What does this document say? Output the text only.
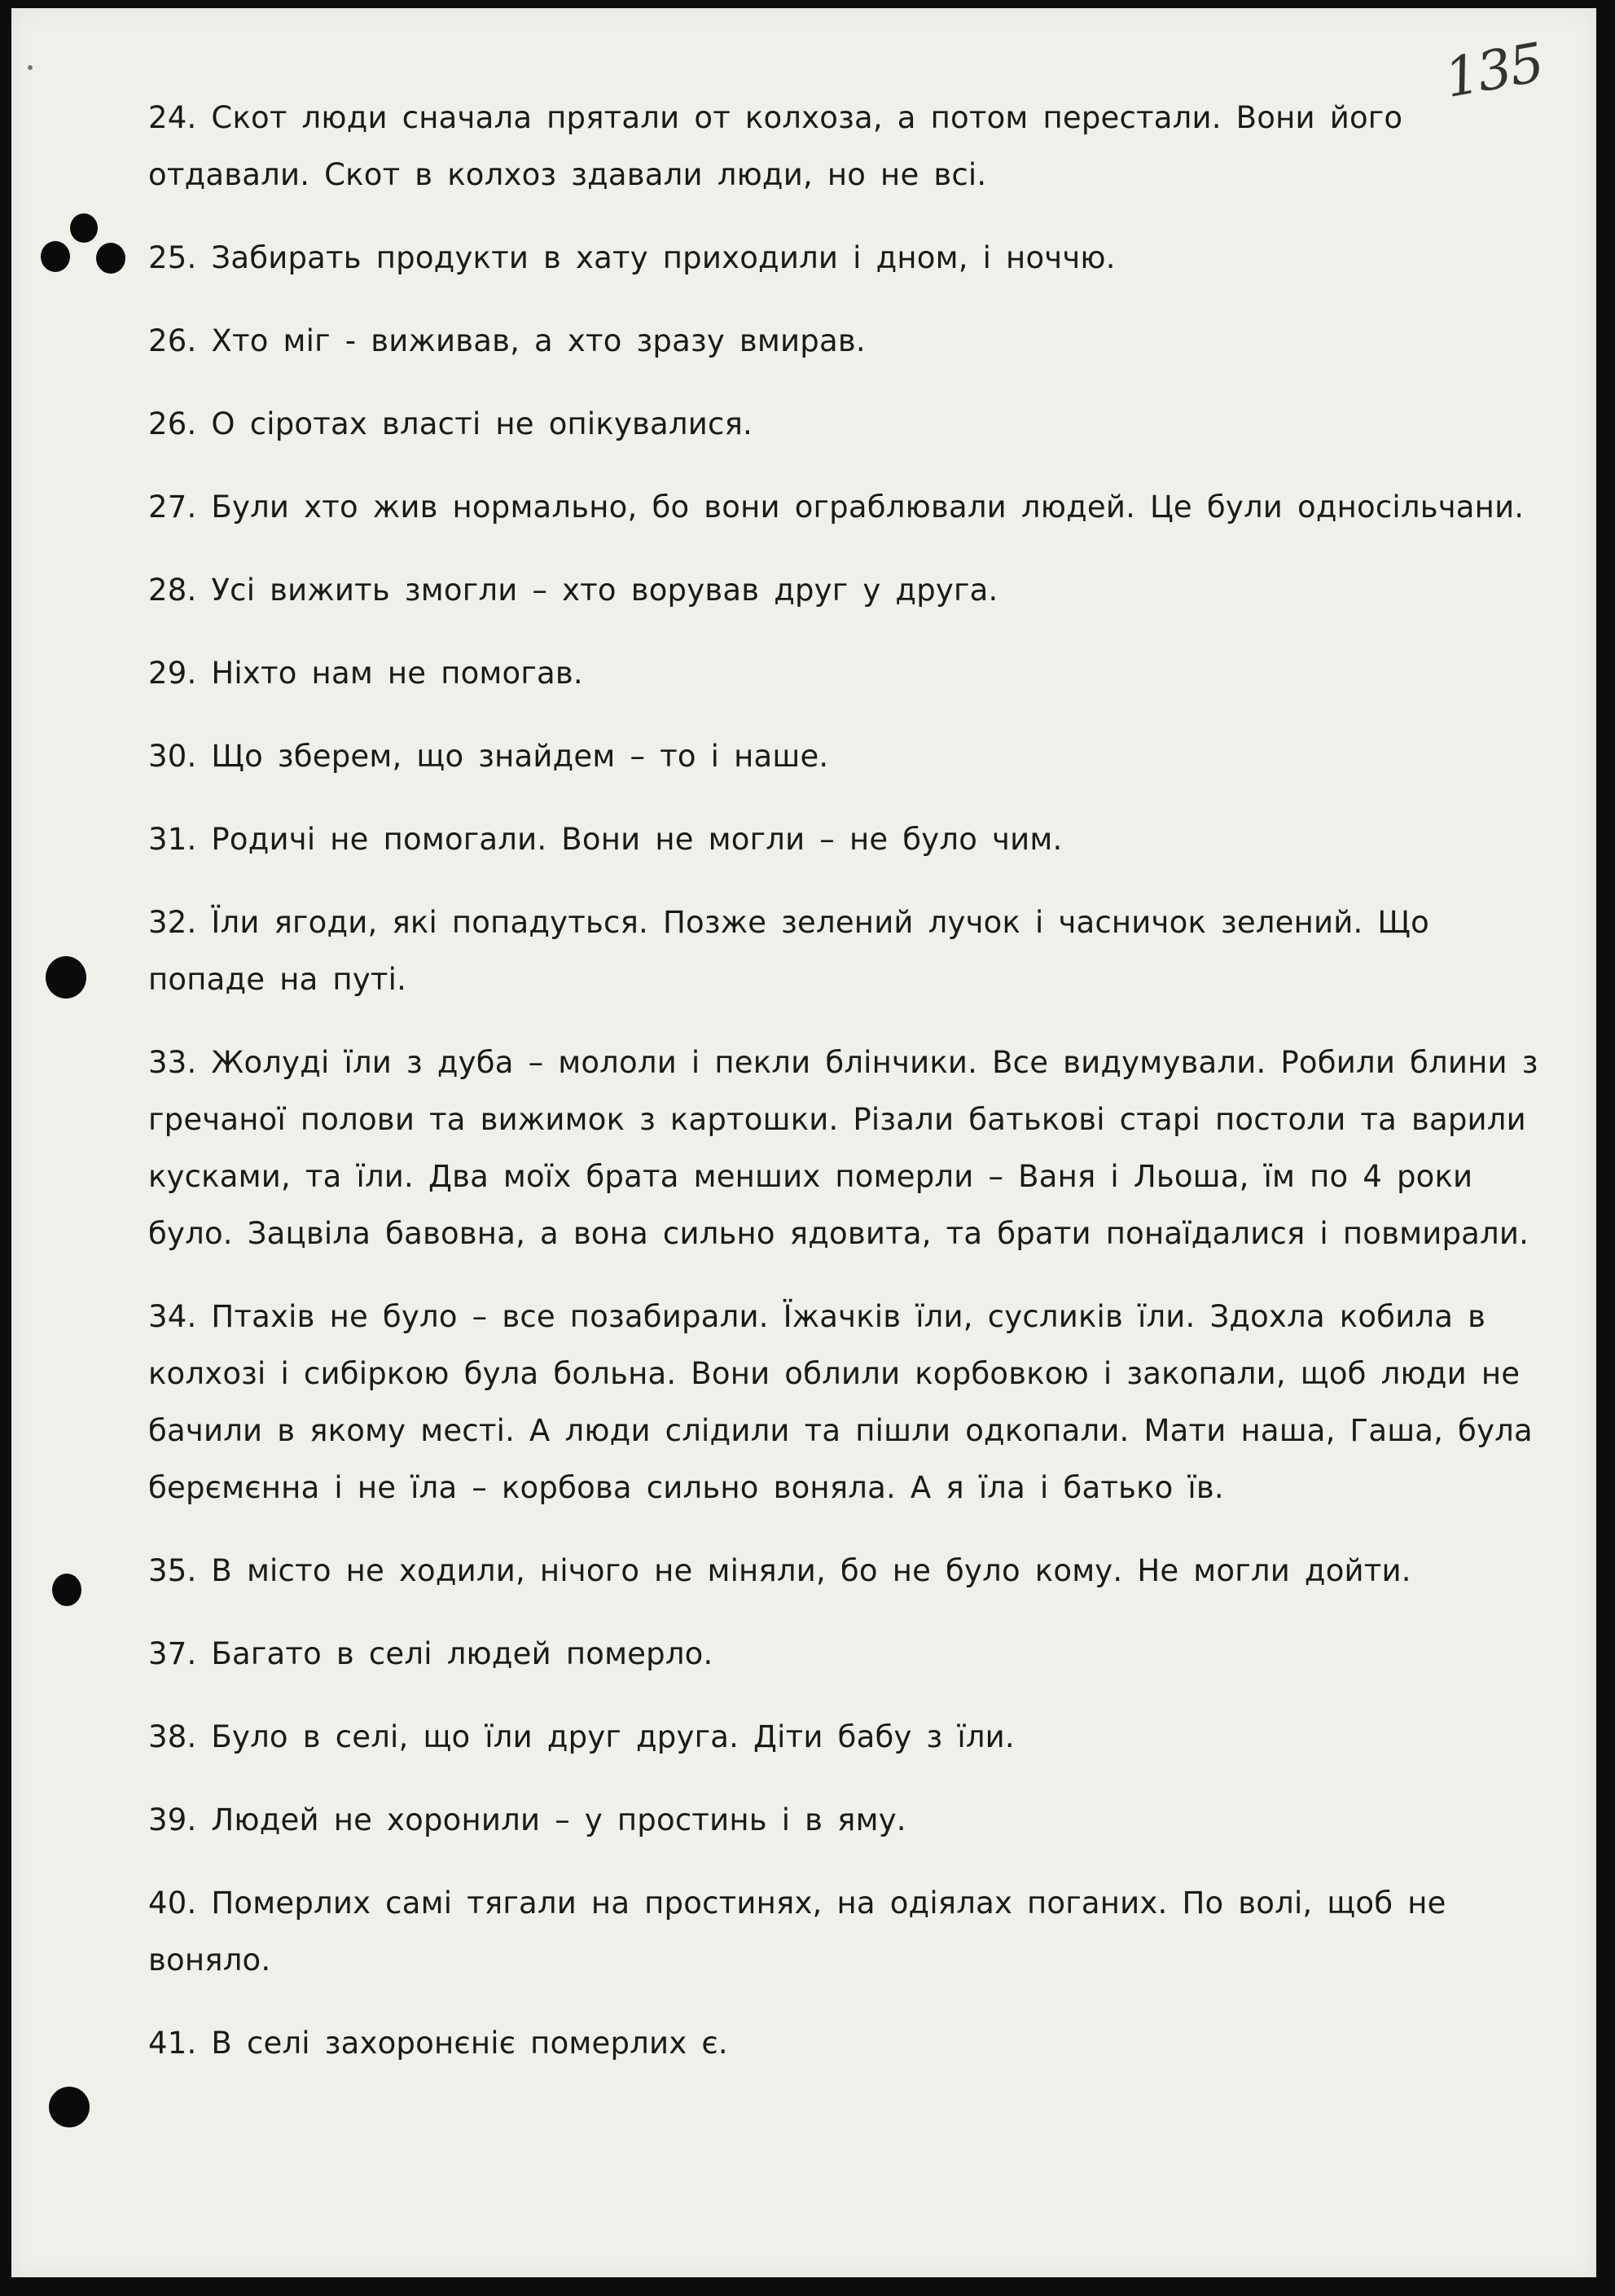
135

24. Скот люди сначала прятали от колхоза, а потом перестали. Вони його отдавали. Скот в колхоз здавали люди, но не всі.

25. Забирать продукти в хату приходили і дном, і ноччю.

26. Хто міг - виживав, а хто зразу вмирав.

26. О сіротах власті не опікувалися.

27. Були хто жив нормально, бо вони ограблювали людей. Це були односільчани.

28. Усі вижить змогли – хто ворував друг у друга.

29. Ніхто нам не помогав.

30. Що зберем, що знайдем – то і наше.

31. Родичі не помогали. Вони не могли – не було чим.

32. Їли ягоди, які попадуться. Позже зелений лучок і часничок зелений. Що попаде на путі.

33. Жолуді їли з дуба – мололи і пекли блінчики. Все видумували. Робили блини з гречаної полови та вижимок з картошки. Різали батькові старі постоли та варили кусками, та їли. Два моїх брата менших померли – Ваня і Льоша, їм по 4 роки було. Зацвіла бавовна, а вона сильно ядовита, та брати понаїдалися і повмирали.

34. Птахів не було – все позабирали. Їжачків їли, сусликів їли. Здохла кобила в колхозі і сибіркою була больна. Вони облили корбовкою і закопали, щоб люди не бачили в якому месті. А люди слідили та пішли одкопали. Мати наша, Гаша, була берємєнна і не їла – корбова сильно воняла. А я їла і батько їв.

35. В місто не ходили, нічого не міняли, бо не було кому. Не могли дойти.

37. Багато в селі людей померло.

38. Було в селі, що їли друг друга. Діти бабу з їли.

39. Людей не хоронили – у простинь і в яму.

40. Померлих самі тягали на простинях, на одіялах поганих. По волі, щоб не воняло.

41. В селі захоронєніє померлих є.
